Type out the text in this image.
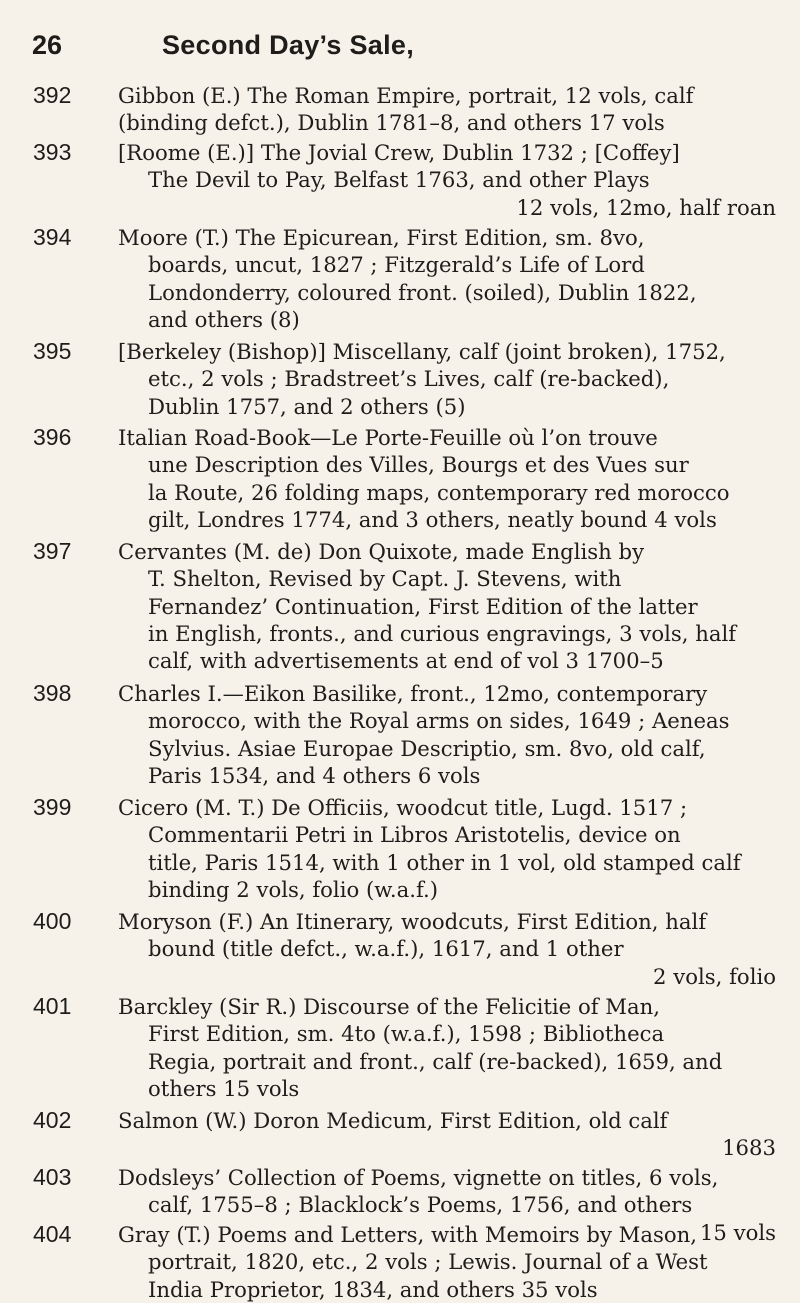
26	Second Day’s Sale,
392 Gibbon (E.) The Roman Empire, portrait, 12 vols, calf
(binding defct.), Dublin 1781–8, and others 17 vols
393 [Roome (E.)] The Jovial Crew, Dublin 1732 ; [Coffey]
The Devil to Pay, Belfast 1763, and other Plays
12 vols, 12mo, half roan
394 Moore (T.) The Epicurean, First Edition, sm. 8vo,
boards, uncut, 1827 ; Fitzgerald’s Life of Lord
Londonderry, coloured front. (soiled), Dublin 1822,
and others (8)
395 [Berkeley (Bishop)] Miscellany, calf (joint broken), 1752,
etc., 2 vols ; Bradstreet’s Lives, calf (re-backed),
Dublin 1757, and 2 others (5)
396 Italian Road-Book—Le Porte-Feuille où l’on trouve
une Description des Villes, Bourgs et des Vues sur
la Route, 26 folding maps, contemporary red morocco
gilt, Londres 1774, and 3 others, neatly bound 4 vols
397 Cervantes (M. de) Don Quixote, made English by
T. Shelton, Revised by Capt. J. Stevens, with
Fernandez’ Continuation, First Edition of the latter
in English, fronts., and curious engravings, 3 vols, half
calf, with advertisements at end of vol 3 1700–5
398 Charles I.—Eikon Basilike, front., 12mo, contemporary
morocco, with the Royal arms on sides, 1649 ; Aeneas
Sylvius. Asiae Europae Descriptio, sm. 8vo, old calf,
Paris 1534, and 4 others 6 vols
399 Cicero (M. T.) De Officiis, woodcut title, Lugd. 1517 ;
Commentarii Petri in Libros Aristotelis, device on
title, Paris 1514, with 1 other in 1 vol, old stamped calf
binding 2 vols, folio (w.a.f.)
400 Moryson (F.) An Itinerary, woodcuts, First Edition, half
bound (title defct., w.a.f.), 1617, and 1 other
2 vols, folio
401 Barckley (Sir R.) Discourse of the Felicitie of Man,
First Edition, sm. 4to (w.a.f.), 1598 ; Bibliotheca
Regia, portrait and front., calf (re-backed), 1659, and
others 15 vols
402 Salmon (W.) Doron Medicum, First Edition, old calf
1683
403 Dodsleys’ Collection of Poems, vignette on titles, 6 vols,
calf, 1755–8 ; Blacklock’s Poems, 1756, and others
15 vols
404 Gray (T.) Poems and Letters, with Memoirs by Mason,
portrait, 1820, etc., 2 vols ; Lewis. Journal of a West
India Proprietor, 1834, and others 35 vols
